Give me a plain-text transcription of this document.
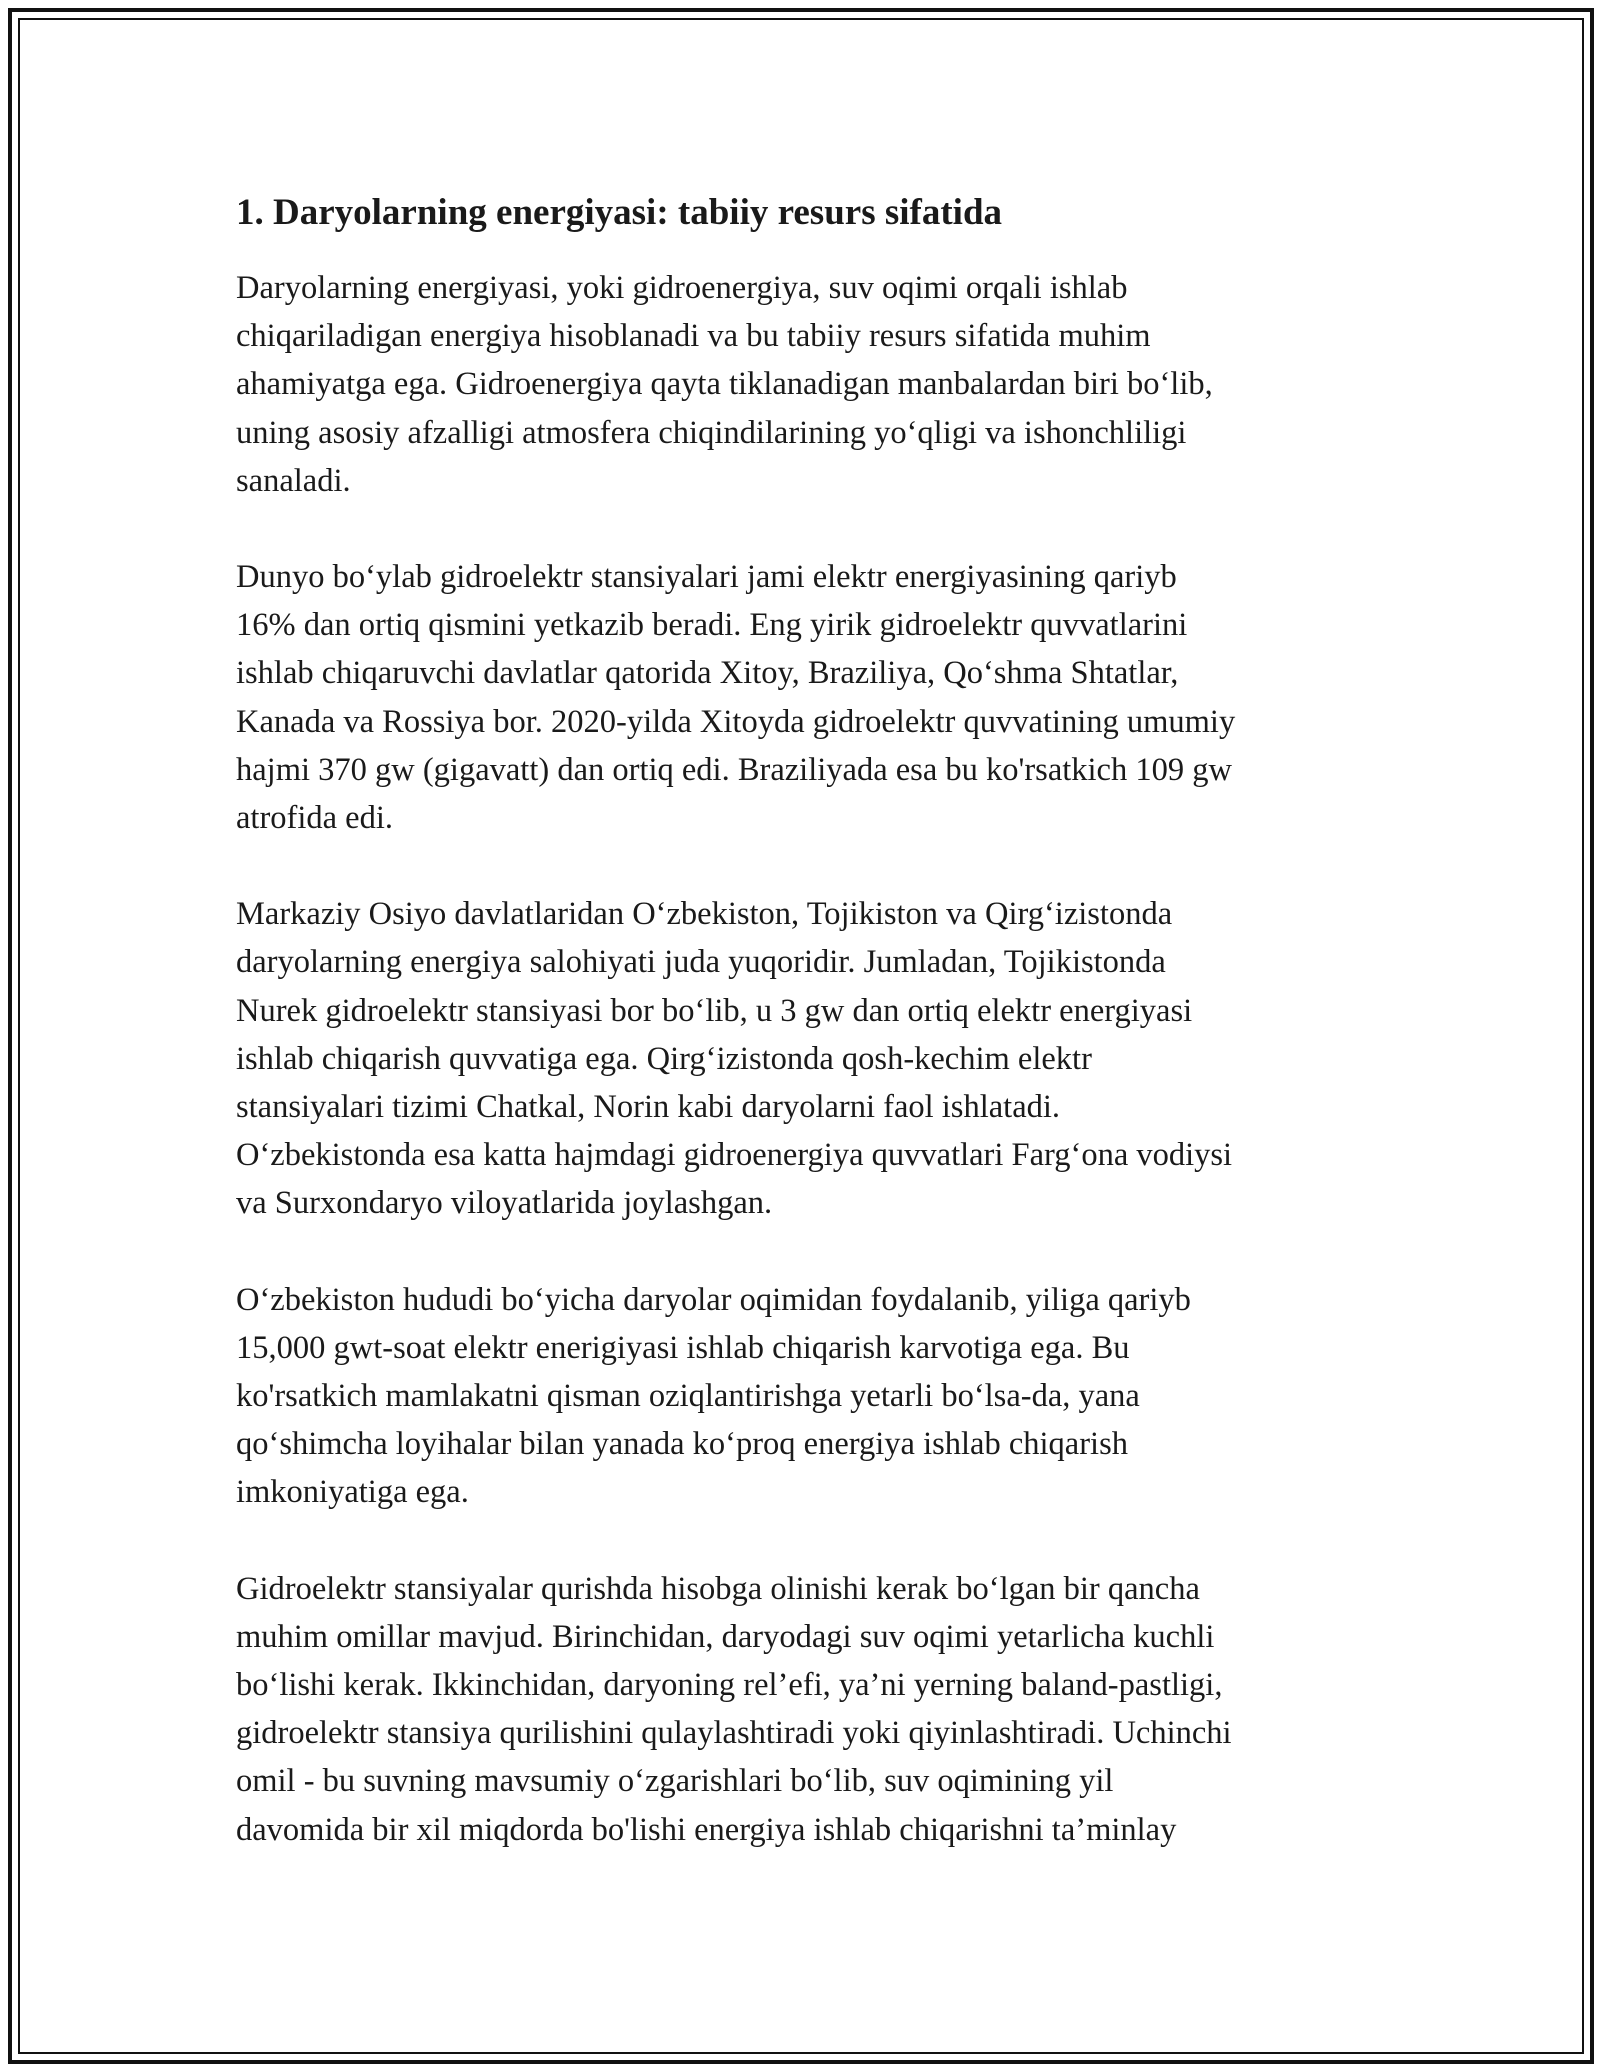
1. Daryolarning energiyasi: tabiiy resurs sifatida

Daryolarning energiyasi, yoki gidroenergiya, suv oqimi orqali ishlab
chiqariladigan energiya hisoblanadi va bu tabiiy resurs sifatida muhim
ahamiyatga ega. Gidroenergiya qayta tiklanadigan manbalardan biri bo‘lib,
uning asosiy afzalligi atmosfera chiqindilarining yo‘qligi va ishonchliligi
sanaladi.

Dunyo bo‘ylab gidroelektr stansiyalari jami elektr energiyasining qariyb
16% dan ortiq qismini yetkazib beradi. Eng yirik gidroelektr quvvatlarini
ishlab chiqaruvchi davlatlar qatorida Xitoy, Braziliya, Qo‘shma Shtatlar,
Kanada va Rossiya bor. 2020-yilda Xitoyda gidroelektr quvvatining umumiy
hajmi 370 gw (gigavatt) dan ortiq edi. Braziliyada esa bu ko'rsatkich 109 gw
atrofida edi.

Markaziy Osiyo davlatlaridan O‘zbekiston, Tojikiston va Qirg‘izistonda
daryolarning energiya salohiyati juda yuqoridir. Jumladan, Tojikistonda
Nurek gidroelektr stansiyasi bor bo‘lib, u 3 gw dan ortiq elektr energiyasi
ishlab chiqarish quvvatiga ega. Qirg‘izistonda qosh-kechim elektr
stansiyalari tizimi Chatkal, Norin kabi daryolarni faol ishlatadi.
O‘zbekistonda esa katta hajmdagi gidroenergiya quvvatlari Farg‘ona vodiysi
va Surxondaryo viloyatlarida joylashgan.

O‘zbekiston hududi bo‘yicha daryolar oqimidan foydalanib, yiliga qariyb
15,000 gwt-soat elektr enerigiyasi ishlab chiqarish karvotiga ega. Bu
ko'rsatkich mamlakatni qisman oziqlantirishga yetarli bo‘lsa-da, yana
qo‘shimcha loyihalar bilan yanada ko‘proq energiya ishlab chiqarish
imkoniyatiga ega.

Gidroelektr stansiyalar qurishda hisobga olinishi kerak bo‘lgan bir qancha
muhim omillar mavjud. Birinchidan, daryodagi suv oqimi yetarlicha kuchli
bo‘lishi kerak. Ikkinchidan, daryoning rel’efi, ya’ni yerning baland-pastligi,
gidroelektr stansiya qurilishini qulaylashtiradi yoki qiyinlashtiradi. Uchinchi
omil - bu suvning mavsumiy o‘zgarishlari bo‘lib, suv oqimining yil
davomida bir xil miqdorda bo'lishi energiya ishlab chiqarishni ta’minlay
